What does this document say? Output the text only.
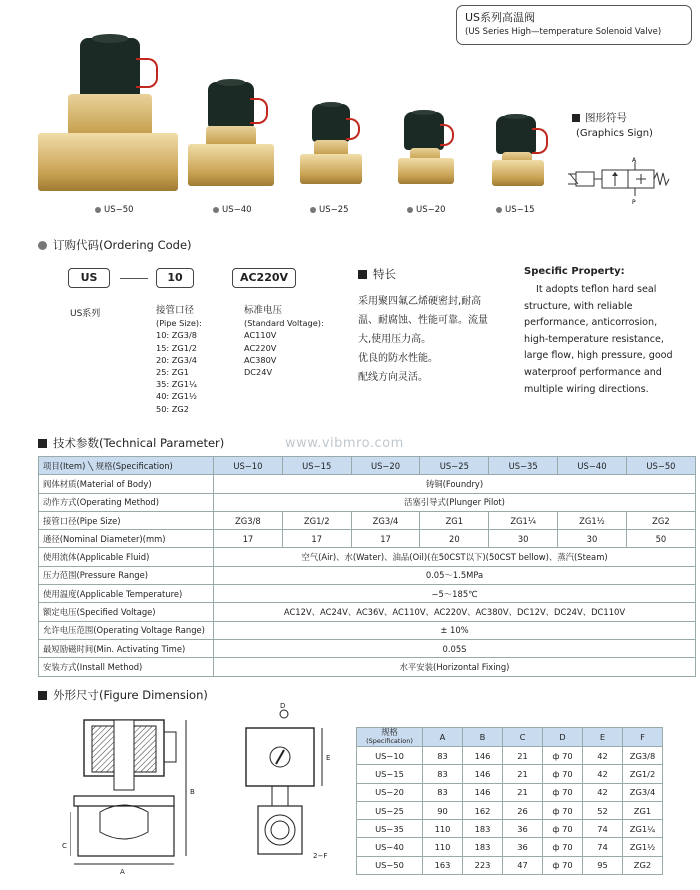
US系列高温阀
(US Series High—temperature Solenoid Valve)
US−50	US−40	US−25	US−20	US−15
图形符号
(Graphics Sign)
A
P
订购代码(Ordering Code)
US	10	AC220V
US系列	接管口径
(Pipe Size):
10: ZG3/8
15: ZG1/2
20: ZG3/4
25: ZG1
35: ZG1¼
40: ZG1½
50: ZG2
标准电压
(Standard Voltage):
AC110V
AC220V
AC380V
DC24V
特长
采用聚四氟乙烯硬密封,耐高
温、耐腐蚀、性能可靠。流量
大,使用压力高。
优良的防水性能。
配线方向灵活。
Specific Property:
It adopts teflon hard seal
structure, with reliable
performance, anticorrosion,
high-temperature resistance,
large flow, high pressure, good
waterproof performance and
multiple wiring directions.
技术参数(Technical Parameter)	www.vibmro.com
项目(Item) ╲ 规格(Specification)	US−10	US−15	US−20	US−25	US−35	US−40	US−50
阀体材质(Material of Body)	铸铜(Foundry)						
动作方式(Operating Method)	活塞引导式(Plunger Pilot)						
接管口径(Pipe Size)	ZG3/8	ZG1/2	ZG3/4	ZG1	ZG1¼	ZG1½	ZG2
通径(Nominal Diameter)(mm)	17	17	17	20	30	30	50
使用流体(Applicable Fluid)	空气(Air)、水(Water)、油品(Oil)(在50CST以下)(50CST bellow)、蒸汽(Steam)						
压力范围(Pressure Range)	0.05～1.5MPa						
使用温度(Applicable Temperature)	−5～185℃						
额定电压(Specified Voltage)	AC12V、AC24V、AC36V、AC110V、AC220V、AC380V、DC12V、DC24V、DC110V						
允许电压范围(Operating Voltage Range)	± 10%						
最短励磁时间(Min. Activating Time)	0.05S						
安装方式(Install Method)	水平安装(Horizontal Fixing)						
外形尺寸(Figure Dimension)
A
B
C
D
E
2−F
规格
(Specification)	A	B	C	D	E	F
US−10	83	146	21	ф 70	42	ZG3/8
US−15	83	146	21	ф 70	42	ZG1/2
US−20	83	146	21	ф 70	42	ZG3/4
US−25	90	162	26	ф 70	52	ZG1
US−35	110	183	36	ф 70	74	ZG1¼
US−40	110	183	36	ф 70	74	ZG1½
US−50	163	223	47	ф 70	95	ZG2
